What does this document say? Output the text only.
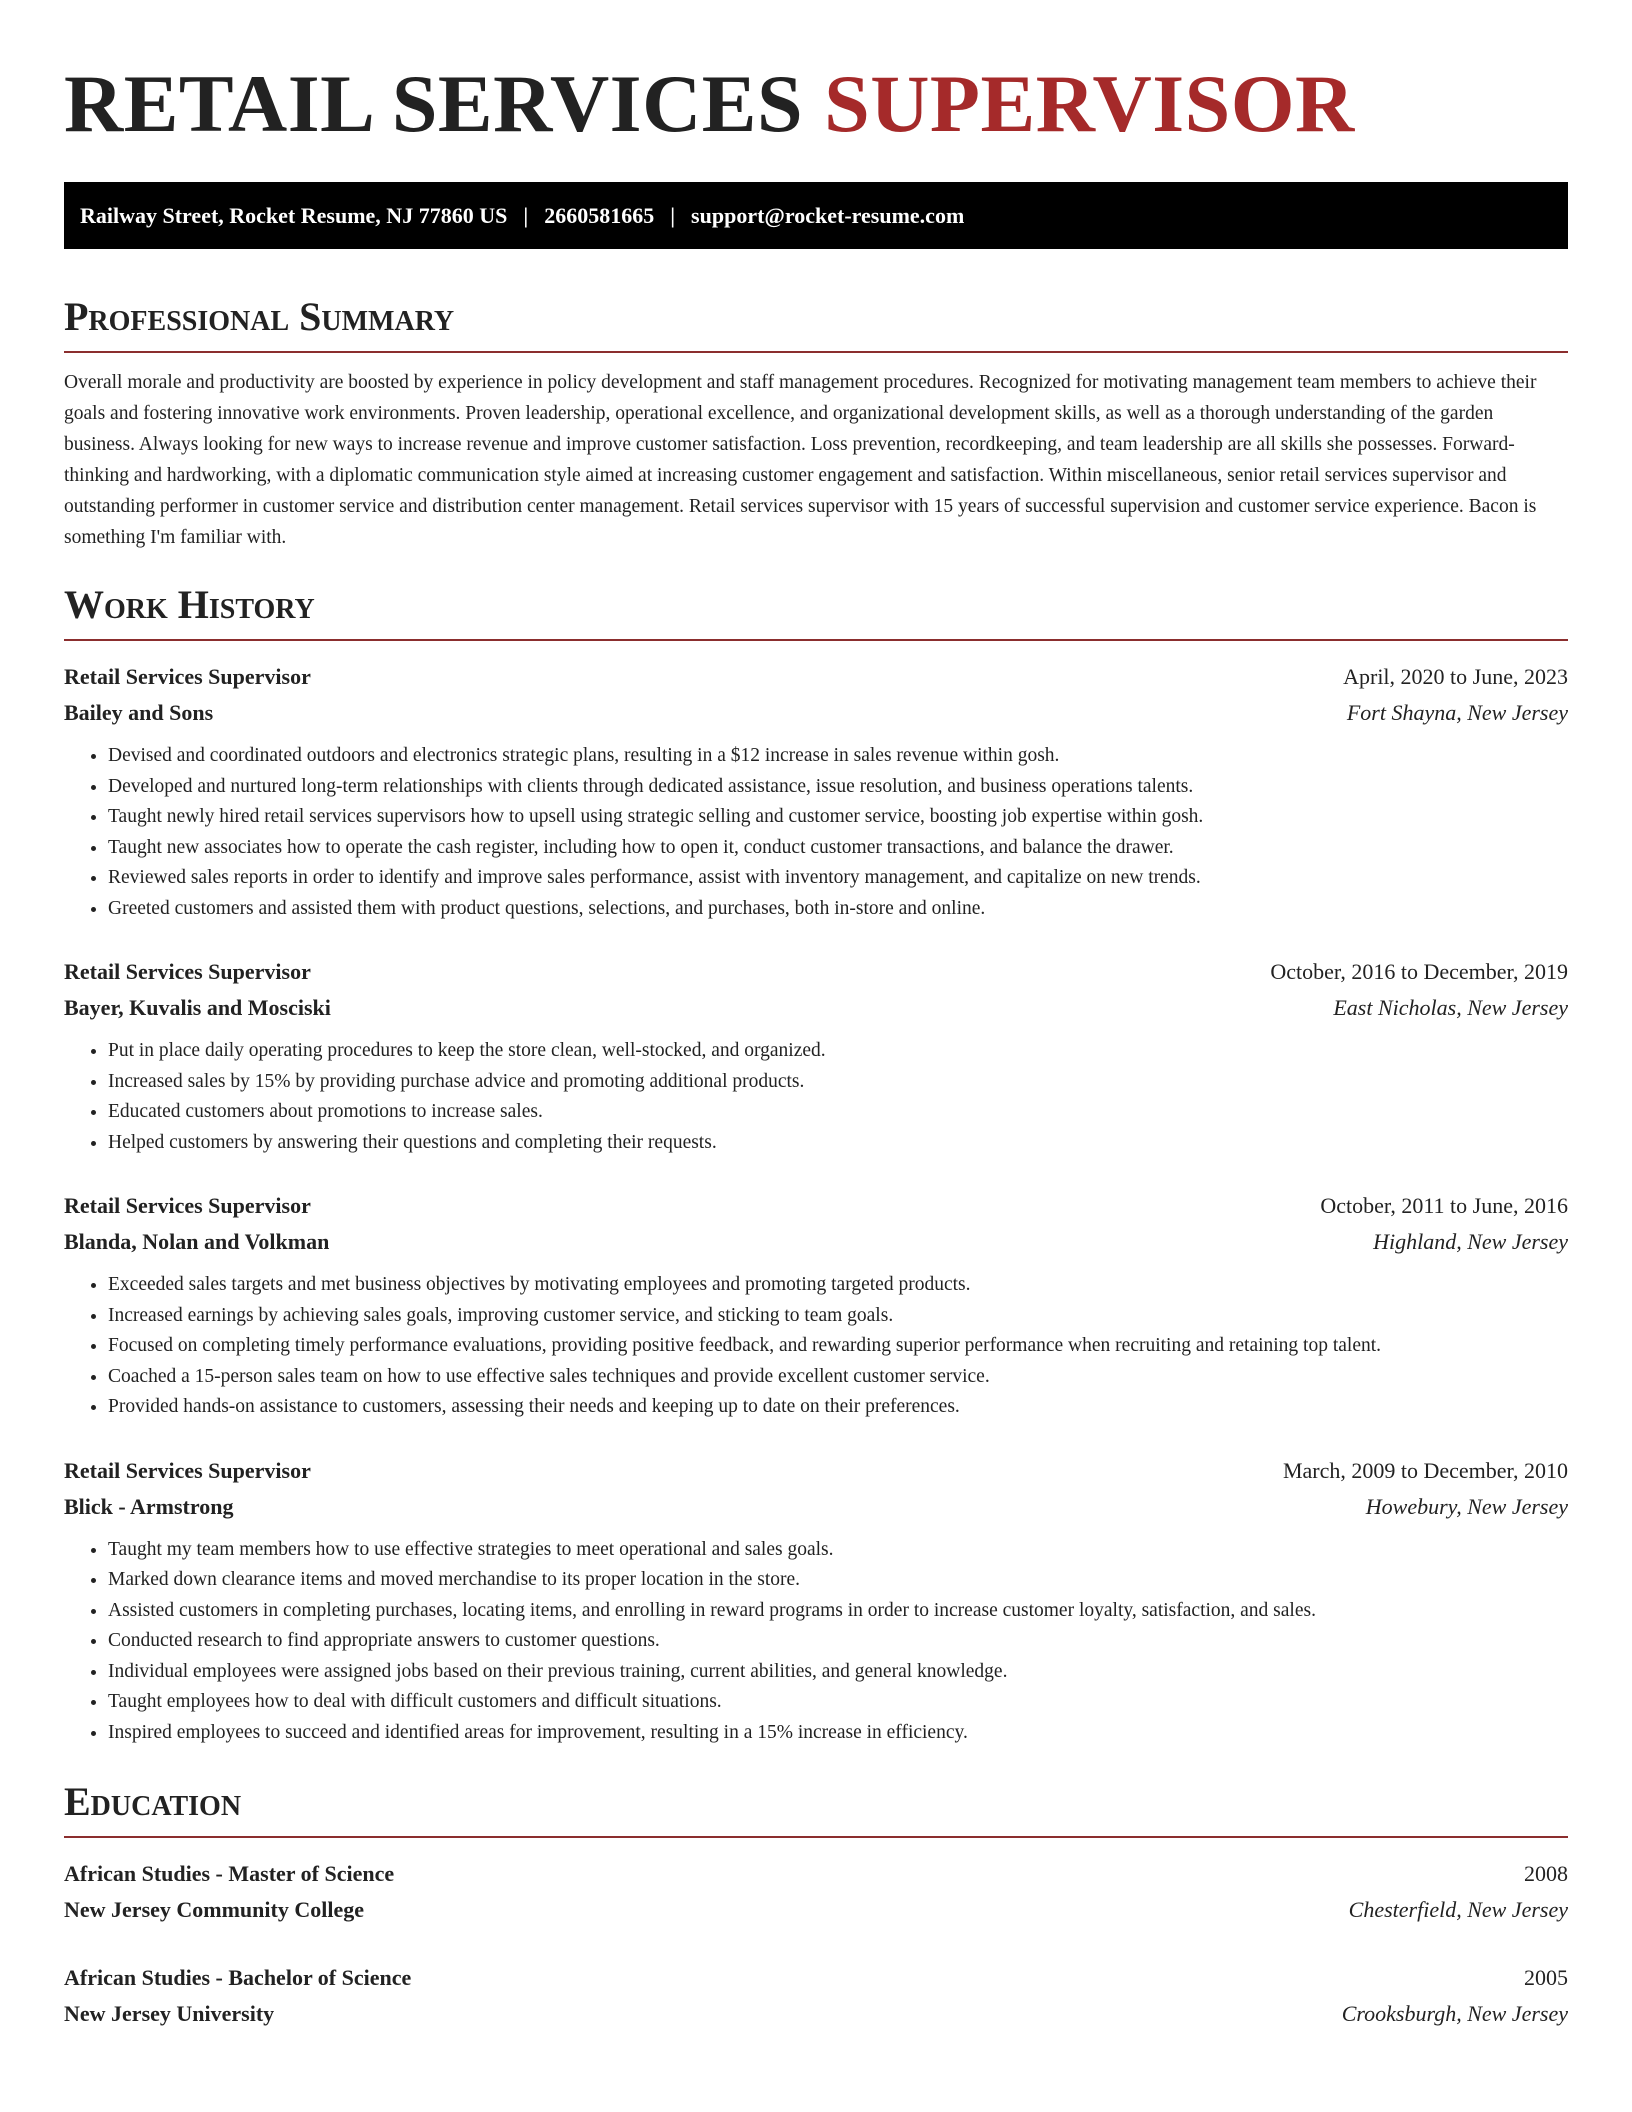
RETAIL SERVICES SUPERVISOR
Railway Street, Rocket Resume, NJ 77860 US | 2660581665 | support@rocket-resume.com
Professional Summary

Overall morale and productivity are boosted by experience in policy development and staff management procedures. Recognized for motivating management team members to achieve their goals and fostering innovative work environments. Proven leadership, operational excellence, and organizational development skills, as well as a thorough understanding of the garden business. Always looking for new ways to increase revenue and improve customer satisfaction. Loss prevention, recordkeeping, and team leadership are all skills she possesses. Forward-thinking and hardworking, with a diplomatic communication style aimed at increasing customer engagement and satisfaction. Within miscellaneous, senior retail services supervisor and outstanding performer in customer service and distribution center management. Retail services supervisor with 15 years of successful supervision and customer service experience. Bacon is something I'm familiar with.

Work History
Retail Services Supervisor	April, 2020 to June, 2023
Bailey and Sons	Fort Shayna, New Jersey
• Devised and coordinated outdoors and electronics strategic plans, resulting in a $12 increase in sales revenue within gosh.
• Developed and nurtured long-term relationships with clients through dedicated assistance, issue resolution, and business operations talents.
• Taught newly hired retail services supervisors how to upsell using strategic selling and customer service, boosting job expertise within gosh.
• Taught new associates how to operate the cash register, including how to open it, conduct customer transactions, and balance the drawer.
• Reviewed sales reports in order to identify and improve sales performance, assist with inventory management, and capitalize on new trends.
• Greeted customers and assisted them with product questions, selections, and purchases, both in-store and online.
Retail Services Supervisor	October, 2016 to December, 2019
Bayer, Kuvalis and Mosciski	East Nicholas, New Jersey
• Put in place daily operating procedures to keep the store clean, well-stocked, and organized.
• Increased sales by 15% by providing purchase advice and promoting additional products.
• Educated customers about promotions to increase sales.
• Helped customers by answering their questions and completing their requests.
Retail Services Supervisor	October, 2011 to June, 2016
Blanda, Nolan and Volkman	Highland, New Jersey
• Exceeded sales targets and met business objectives by motivating employees and promoting targeted products.
• Increased earnings by achieving sales goals, improving customer service, and sticking to team goals.
• Focused on completing timely performance evaluations, providing positive feedback, and rewarding superior performance when recruiting and retaining top talent.
• Coached a 15-person sales team on how to use effective sales techniques and provide excellent customer service.
• Provided hands-on assistance to customers, assessing their needs and keeping up to date on their preferences.
Retail Services Supervisor	March, 2009 to December, 2010
Blick - Armstrong	Howebury, New Jersey
• Taught my team members how to use effective strategies to meet operational and sales goals.
• Marked down clearance items and moved merchandise to its proper location in the store.
• Assisted customers in completing purchases, locating items, and enrolling in reward programs in order to increase customer loyalty, satisfaction, and sales.
• Conducted research to find appropriate answers to customer questions.
• Individual employees were assigned jobs based on their previous training, current abilities, and general knowledge.
• Taught employees how to deal with difficult customers and difficult situations.
• Inspired employees to succeed and identified areas for improvement, resulting in a 15% increase in efficiency.
Education
African Studies - Master of Science	2008
New Jersey Community College	Chesterfield, New Jersey
African Studies - Bachelor of Science	2005
New Jersey University	Crooksburgh, New Jersey
